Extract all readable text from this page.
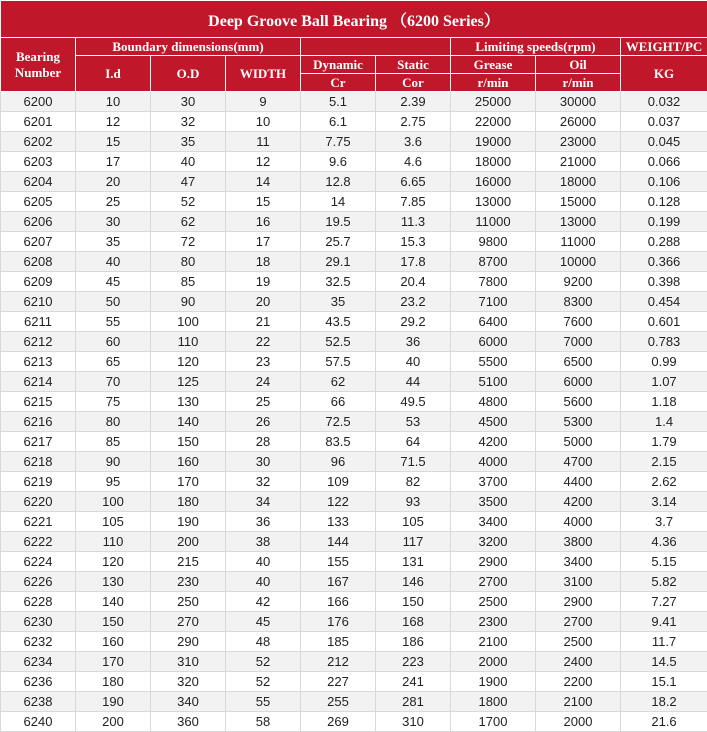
Deep Groove Ball Bearing （6200 Series）								
Bearing Number	Boundary dimensions(mm)					Limiting speeds(rpm)		WEIGHT/PC
	I.d	O.D	WIDTH	Dynamic	Static	Grease	Oil	KG
				Cr	Cor	r/min	r/min	
6200	10	30	9	5.1	2.39	25000	30000	0.032
6201	12	32	10	6.1	2.75	22000	26000	0.037
6202	15	35	11	7.75	3.6	19000	23000	0.045
6203	17	40	12	9.6	4.6	18000	21000	0.066
6204	20	47	14	12.8	6.65	16000	18000	0.106
6205	25	52	15	14	7.85	13000	15000	0.128
6206	30	62	16	19.5	11.3	11000	13000	0.199
6207	35	72	17	25.7	15.3	9800	11000	0.288
6208	40	80	18	29.1	17.8	8700	10000	0.366
6209	45	85	19	32.5	20.4	7800	9200	0.398
6210	50	90	20	35	23.2	7100	8300	0.454
6211	55	100	21	43.5	29.2	6400	7600	0.601
6212	60	110	22	52.5	36	6000	7000	0.783
6213	65	120	23	57.5	40	5500	6500	0.99
6214	70	125	24	62	44	5100	6000	1.07
6215	75	130	25	66	49.5	4800	5600	1.18
6216	80	140	26	72.5	53	4500	5300	1.4
6217	85	150	28	83.5	64	4200	5000	1.79
6218	90	160	30	96	71.5	4000	4700	2.15
6219	95	170	32	109	82	3700	4400	2.62
6220	100	180	34	122	93	3500	4200	3.14
6221	105	190	36	133	105	3400	4000	3.7
6222	110	200	38	144	117	3200	3800	4.36
6224	120	215	40	155	131	2900	3400	5.15
6226	130	230	40	167	146	2700	3100	5.82
6228	140	250	42	166	150	2500	2900	7.27
6230	150	270	45	176	168	2300	2700	9.41
6232	160	290	48	185	186	2100	2500	11.7
6234	170	310	52	212	223	2000	2400	14.5
6236	180	320	52	227	241	1900	2200	15.1
6238	190	340	55	255	281	1800	2100	18.2
6240	200	360	58	269	310	1700	2000	21.6
